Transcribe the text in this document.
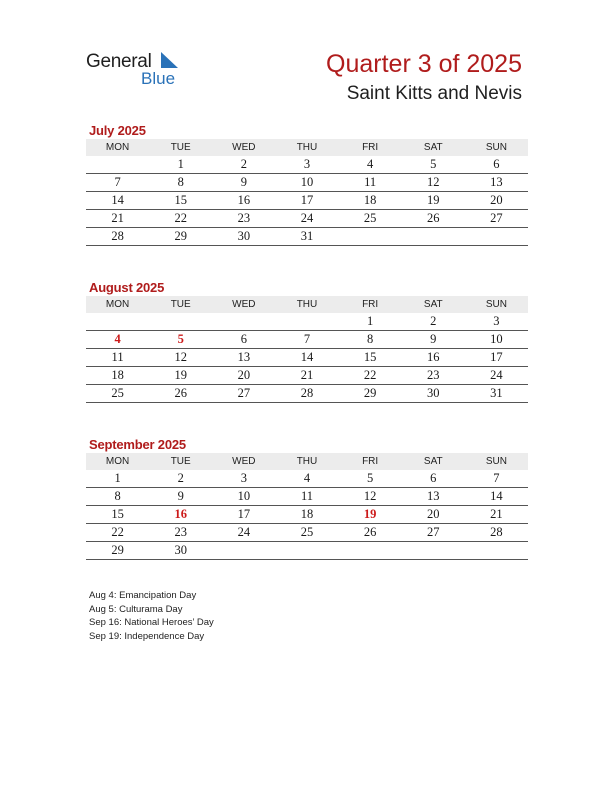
General
Blue
Quarter 3 of 2025
Saint Kitts and Nevis
July 2025
MON	TUE	WED	THU	FRI	SAT	SUN
	1	2	3	4	5	6
7	8	9	10	11	12	13
14	15	16	17	18	19	20
21	22	23	24	25	26	27
28	29	30	31			
August 2025
MON	TUE	WED	THU	FRI	SAT	SUN
				1	2	3
4	5	6	7	8	9	10
11	12	13	14	15	16	17
18	19	20	21	22	23	24
25	26	27	28	29	30	31
September 2025
MON	TUE	WED	THU	FRI	SAT	SUN
1	2	3	4	5	6	7
8	9	10	11	12	13	14
15	16	17	18	19	20	21
22	23	24	25	26	27	28
29	30					
Aug 4: Emancipation Day
Aug 5: Culturama Day
Sep 16: National Heroes’ Day
Sep 19: Independence Day
